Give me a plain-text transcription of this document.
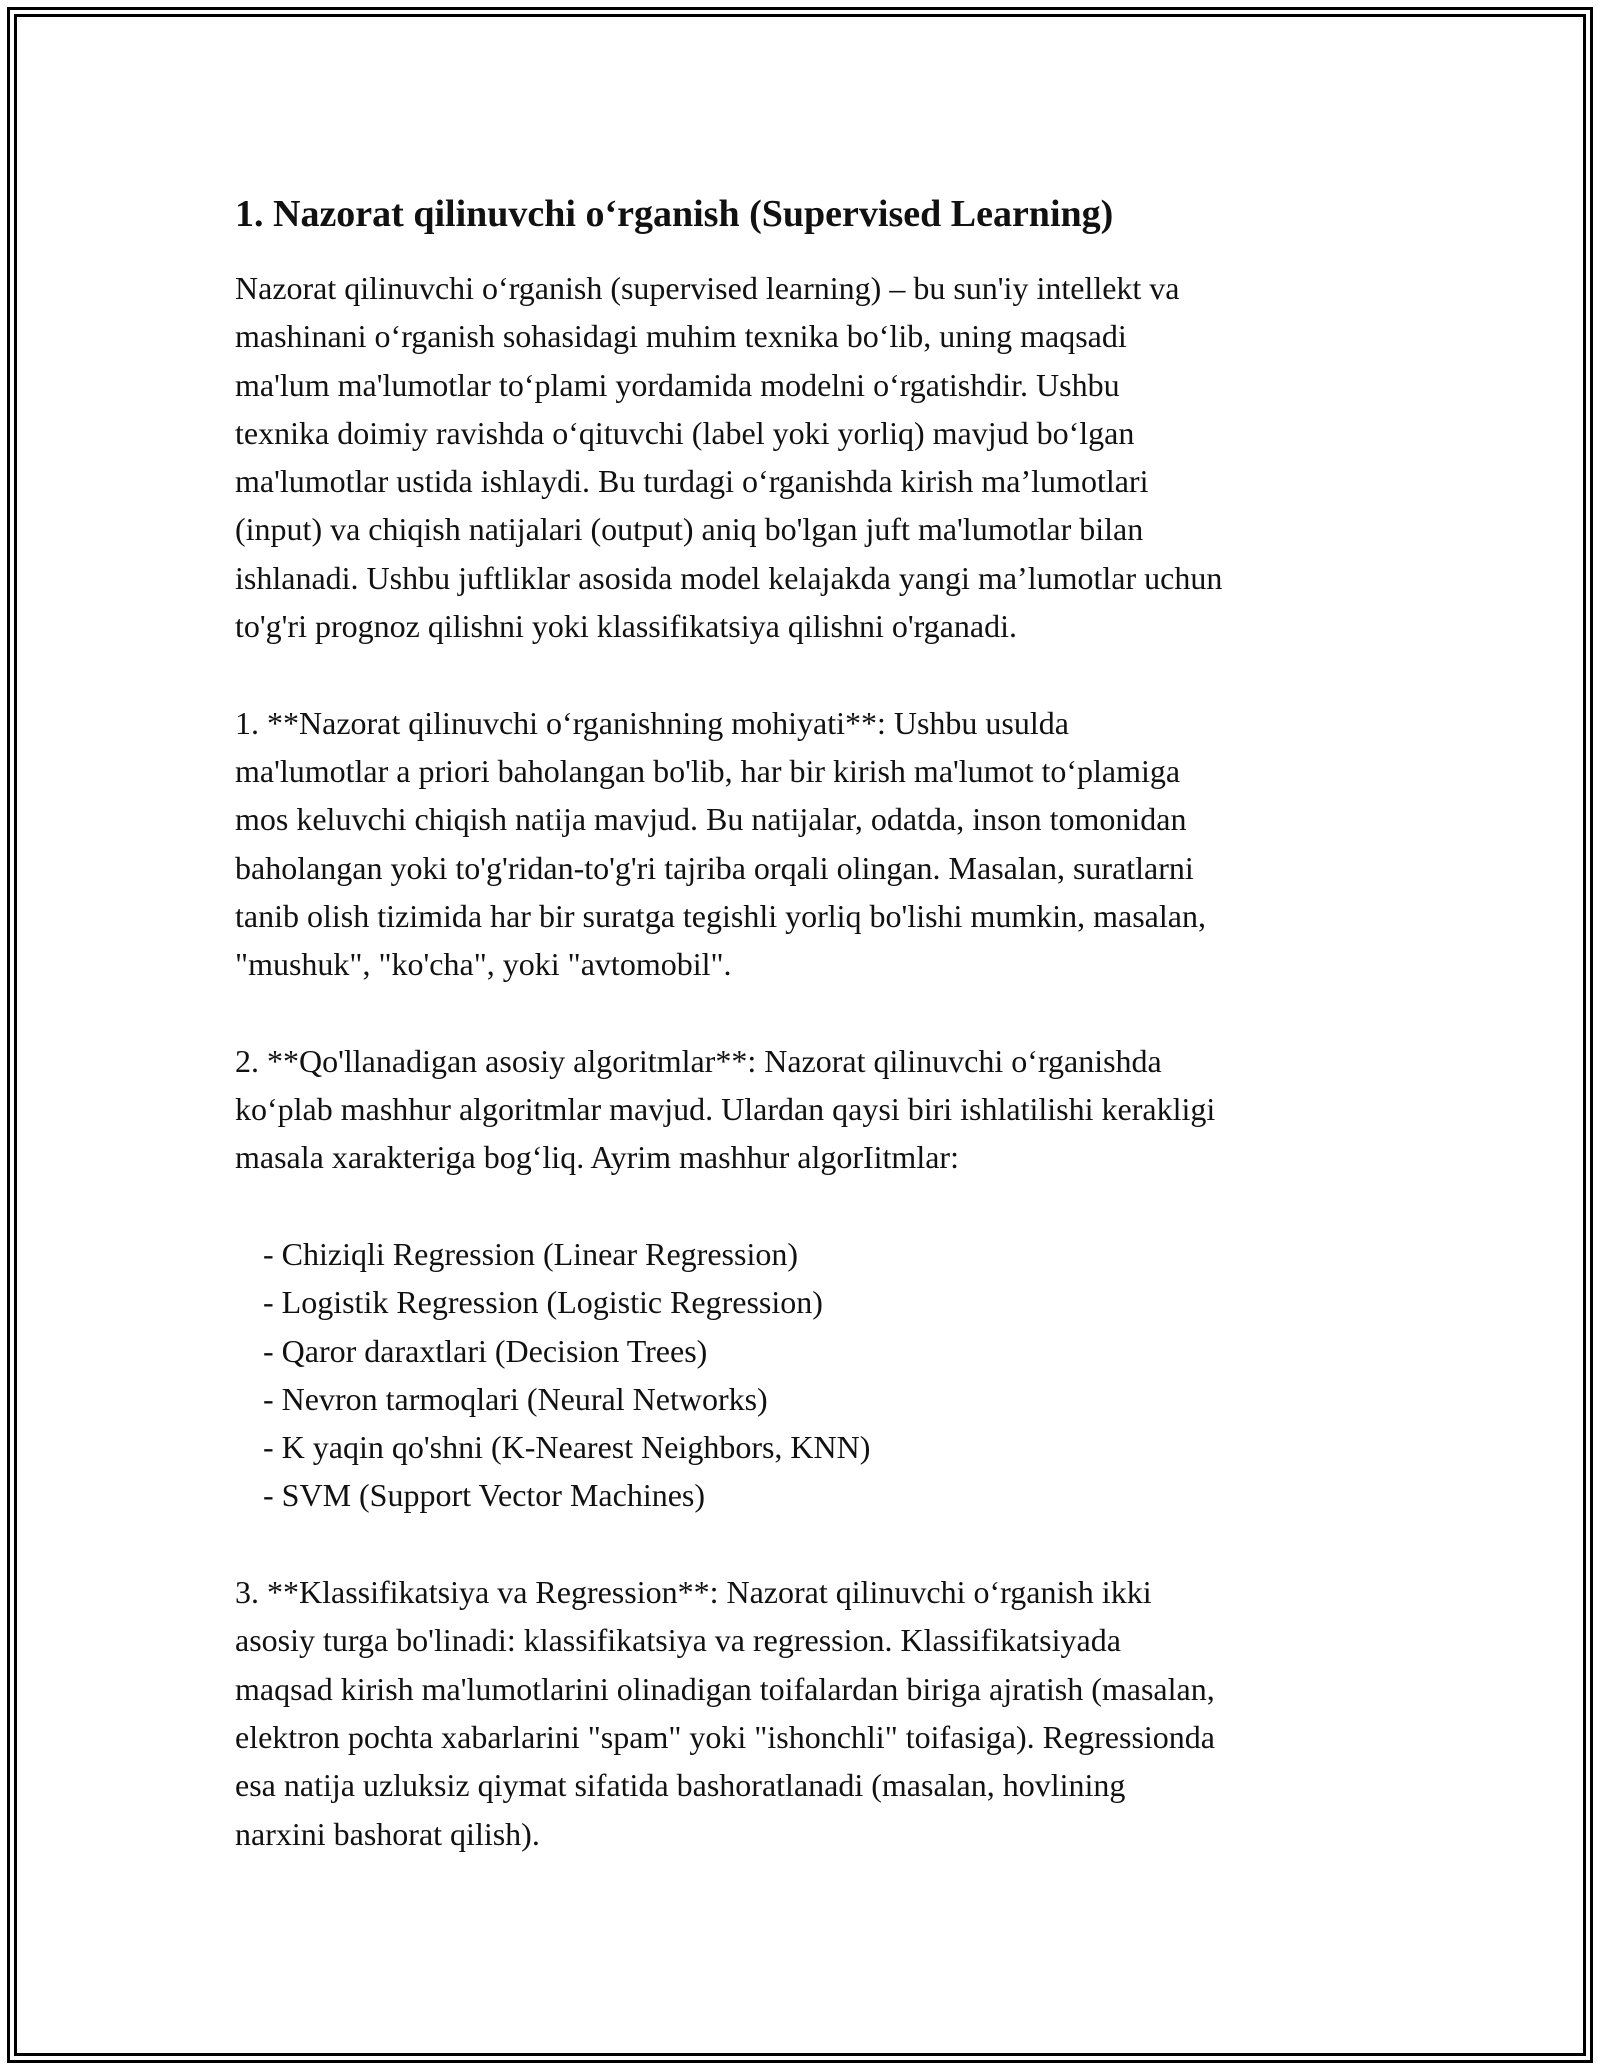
1. Nazorat qilinuvchi o‘rganish (Supervised Learning)

Nazorat qilinuvchi o‘rganish (supervised learning) – bu sun'iy intellekt va
mashinani o‘rganish sohasidagi muhim texnika bo‘lib, uning maqsadi
ma'lum ma'lumotlar to‘plami yordamida modelni o‘rgatishdir. Ushbu
texnika doimiy ravishda o‘qituvchi (label yoki yorliq) mavjud bo‘lgan
ma'lumotlar ustida ishlaydi. Bu turdagi o‘rganishda kirish ma’lumotlari
(input) va chiqish natijalari (output) aniq bo'lgan juft ma'lumotlar bilan
ishlanadi. Ushbu juftliklar asosida model kelajakda yangi ma’lumotlar uchun
to'g'ri prognoz qilishni yoki klassifikatsiya qilishni o'rganadi.

1. **Nazorat qilinuvchi o‘rganishning mohiyati**: Ushbu usulda
ma'lumotlar a priori baholangan bo'lib, har bir kirish ma'lumot to‘plamiga
mos keluvchi chiqish natija mavjud. Bu natijalar, odatda, inson tomonidan
baholangan yoki to'g'ridan-to'g'ri tajriba orqali olingan. Masalan, suratlarni
tanib olish tizimida har bir suratga tegishli yorliq bo'lishi mumkin, masalan,
"mushuk", "ko'cha", yoki "avtomobil".

2. **Qo'llanadigan asosiy algoritmlar**: Nazorat qilinuvchi o‘rganishda
ko‘plab mashhur algoritmlar mavjud. Ulardan qaysi biri ishlatilishi kerakligi
masala xarakteriga bog‘liq. Ayrim mashhur algorIitmlar:

- Chiziqli Regression (Linear Regression)
- Logistik Regression (Logistic Regression)
- Qaror daraxtlari (Decision Trees)
- Nevron tarmoqlari (Neural Networks)
- K yaqin qo'shni (K-Nearest Neighbors, KNN)
- SVM (Support Vector Machines)

3. **Klassifikatsiya va Regression**: Nazorat qilinuvchi o‘rganish ikki
asosiy turga bo'linadi: klassifikatsiya va regression. Klassifikatsiyada
maqsad kirish ma'lumotlarini olinadigan toifalardan biriga ajratish (masalan,
elektron pochta xabarlarini "spam" yoki "ishonchli" toifasiga). Regressionda
esa natija uzluksiz qiymat sifatida bashoratlanadi (masalan, hovlining
narxini bashorat qilish).
